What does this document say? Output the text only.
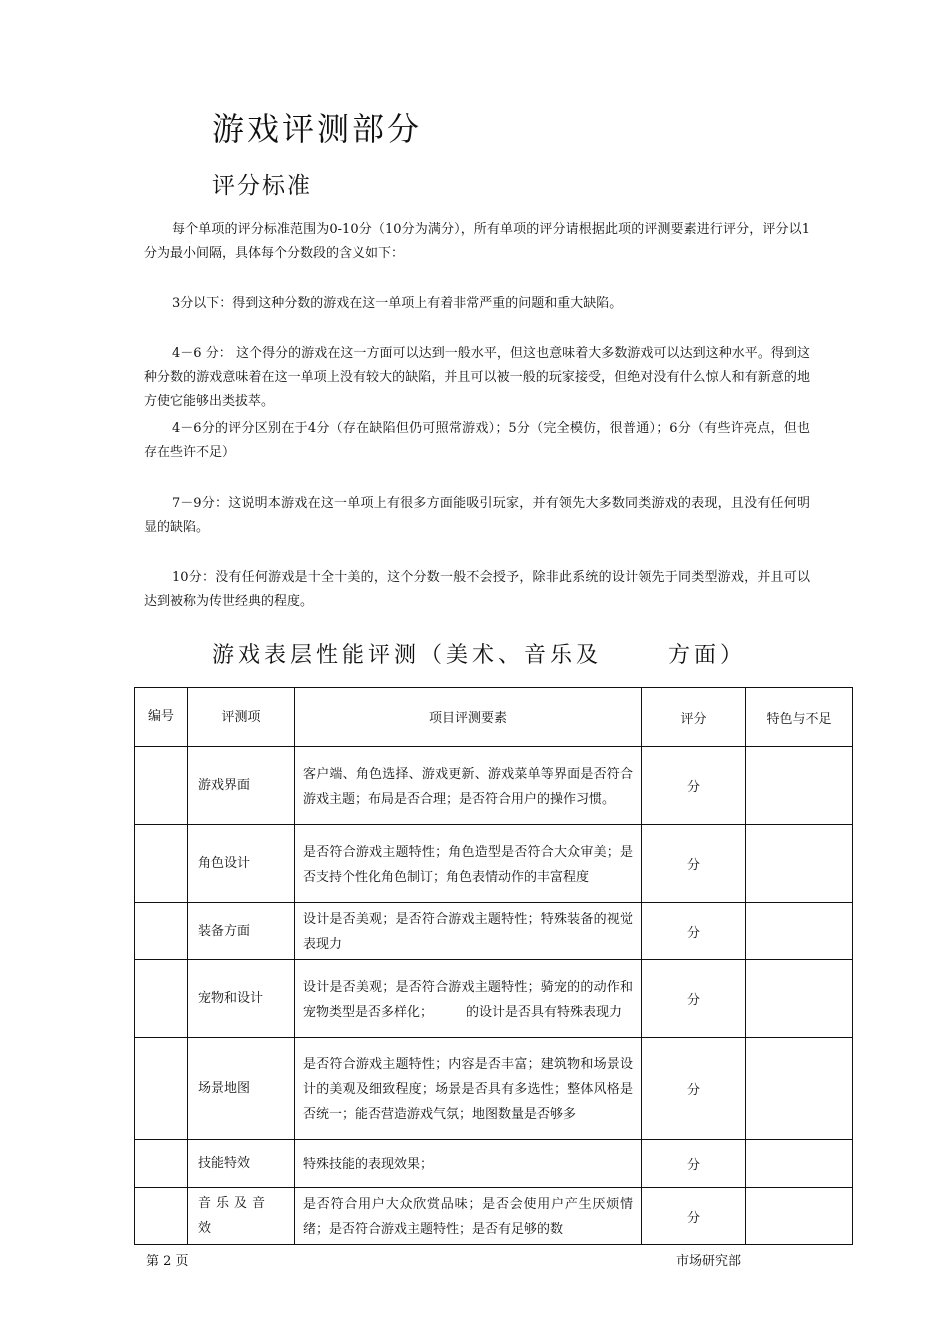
游戏评测部分
评分标准

每个单项的评分标准范围为0-10分（10分为满分），所有单项的评分请根据此项的评测要素进行评分，评分以1分为最小间隔，具体每个分数段的含义如下：

3分以下：得到这种分数的游戏在这一单项上有着非常严重的问题和重大缺陷。

4－6 分： 这个得分的游戏在这一方面可以达到一般水平，但这也意味着大多数游戏可以达到这种水平。得到这种分数的游戏意味着在这一单项上没有较大的缺陷，并且可以被一般的玩家接受，但绝对没有什么惊人和有新意的地方使它能够出类拔萃。

4－6分的评分区别在于4分（存在缺陷但仍可照常游戏）；5分（完全模仿，很普通）；6分（有些许亮点，但也存在些许不足）

7－9分：这说明本游戏在这一单项上有很多方面能吸引玩家，并有领先大多数同类游戏的表现，且没有任何明显的缺陷。

10分：没有任何游戏是十全十美的，这个分数一般不会授予，除非此系统的设计领先于同类型游戏，并且可以达到被称为传世经典的程度。

游戏表层性能评测（美术、音乐及      方面）
编号	评测项	项目评测要素	评分	特色与不足
	游戏界面	客户端、角色选择、游戏更新、游戏菜单等界面是否符合游戏主题；布局是否合理；是否符合用户的操作习惯。	分	
	角色设计	是否符合游戏主题特性；角色造型是否符合大众审美；是否支持个性化角色制订；角色表情动作的丰富程度	分	
	装备方面	设计是否美观；是否符合游戏主题特性；特殊装备的视觉表现力	分	
	宠物和设计	设计是否美观；是否符合游戏主题特性；骑宠的的动作和宠物类型是否多样化；        的设计是否具有特殊表现力	分	
	场景地图	是否符合游戏主题特性；内容是否丰富；建筑物和场景设计的美观及细致程度；场景是否具有多选性；整体风格是否统一；能否营造游戏气氛；地图数量是否够多	分	
	技能特效	特殊技能的表现效果；	分	
	音乐及音效	是否符合用户大众欣赏品味；是否会使用户产生厌烦情绪；是否符合游戏主题特性；是否有足够的数	分	

第 2 页	市场研究部
